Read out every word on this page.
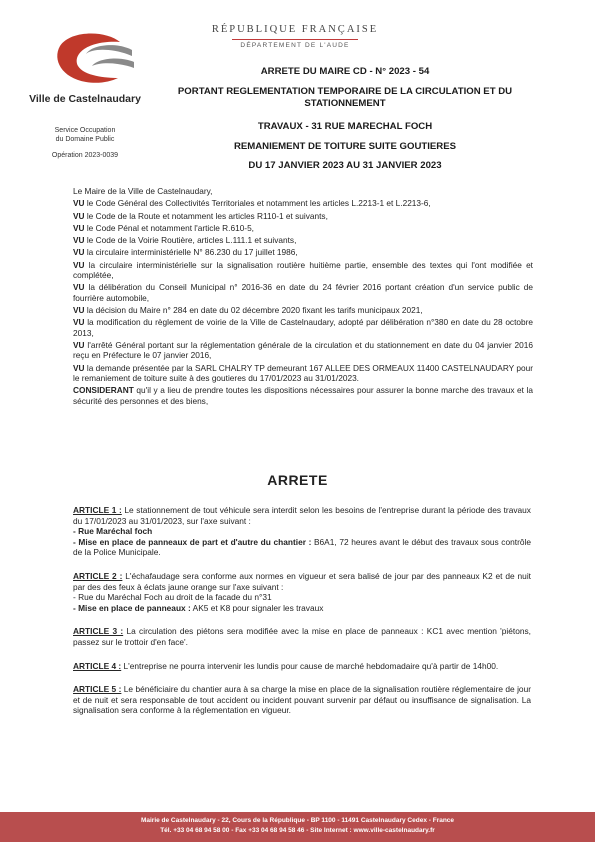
Ville de Castelnaudary
Service Occupation
du Domaine Public
Opération 2023-0039
RÉPUBLIQUE FRANÇAISE
DÉPARTEMENT DE L'AUDE
ARRETE DU MAIRE CD - N° 2023 - 54
PORTANT REGLEMENTATION TEMPORAIRE DE LA CIRCULATION ET DU
STATIONNEMENT
TRAVAUX - 31 RUE MARECHAL FOCH
REMANIEMENT DE TOITURE SUITE GOUTIERES
DU 17 JANVIER 2023 AU 31 JANVIER 2023

Le Maire de la Ville de Castelnaudary,

VU le Code Général des Collectivités Territoriales et notamment les articles L.2213-1 et L.2213-6,

VU le Code de la Route et notamment les articles R110-1 et suivants,

VU le Code Pénal et notamment l'article R.610-5,

VU le Code de la Voirie Routière, articles L.111.1 et suivants,

VU la circulaire interministérielle N° 86.230 du 17 juillet 1986,

VU la circulaire interministérielle sur la signalisation routière huitième partie, ensemble des textes qui l'ont modifiée et complétée,

VU la délibération du Conseil Municipal n° 2016-36 en date du 24 février 2016 portant création d'un service public de fourrière automobile,

VU la décision du Maire n° 284 en date du 02 décembre 2020 fixant les tarifs municipaux 2021,

VU la modification du règlement de voirie de la Ville de Castelnaudary, adopté par délibération n°380 en date du 28 octobre 2013,

VU l'arrêté Général portant sur la réglementation générale de la circulation et du stationnement en date du 04 janvier 2016 reçu en Préfecture le 07 janvier 2016,

VU la demande présentée par la SARL CHALRY TP demeurant 167 ALLEE DES ORMEAUX 11400 CASTELNAUDARY pour le remaniement de toiture suite à des goutieres du 17/01/2023 au 31/01/2023.

CONSIDERANT qu'il y a lieu de prendre toutes les dispositions nécessaires pour assurer la bonne marche des travaux et la sécurité des personnes et des biens,

ARRETE
ARTICLE 1 : Le stationnement de tout véhicule sera interdit selon les besoins de l'entreprise durant la période des travaux du 17/01/2023 au 31/01/2023, sur l'axe suivant :
- Rue Maréchal foch
- Mise en place de panneaux de part et d'autre du chantier : B6A1, 72 heures avant le début des travaux sous contrôle de la Police Municipale.
ARTICLE 2 : L'échafaudage sera conforme aux normes en vigueur et sera balisé de jour par des panneaux K2 et de nuit par des des feux à éclats jaune orange sur l'axe suivant :
- Rue du Maréchal Foch au droit de la facade du n°31
- Mise en place de panneaux : AK5 et K8 pour signaler les travaux
ARTICLE 3 : La circulation des piétons sera modifiée avec la mise en place de panneaux : KC1 avec mention 'piétons, passez sur le trottoir d'en face'.
ARTICLE 4 : L'entreprise ne pourra intervenir les lundis pour cause de marché hebdomadaire qu'à partir de 14h00.
ARTICLE 5 : Le bénéficiaire du chantier aura à sa charge la mise en place de la signalisation routière réglementaire de jour et de nuit et sera responsable de tout accident ou incident pouvant survenir par défaut ou insuffisance de signalisation. La signalisation sera conforme à la réglementation en vigueur.
Mairie de Castelnaudary - 22, Cours de la République - BP 1100 - 11491 Castelnaudary Cedex - France
Tél. +33 04 68 94 58 00 - Fax +33 04 68 94 58 46 - Site Internet : www.ville-castelnaudary.fr
